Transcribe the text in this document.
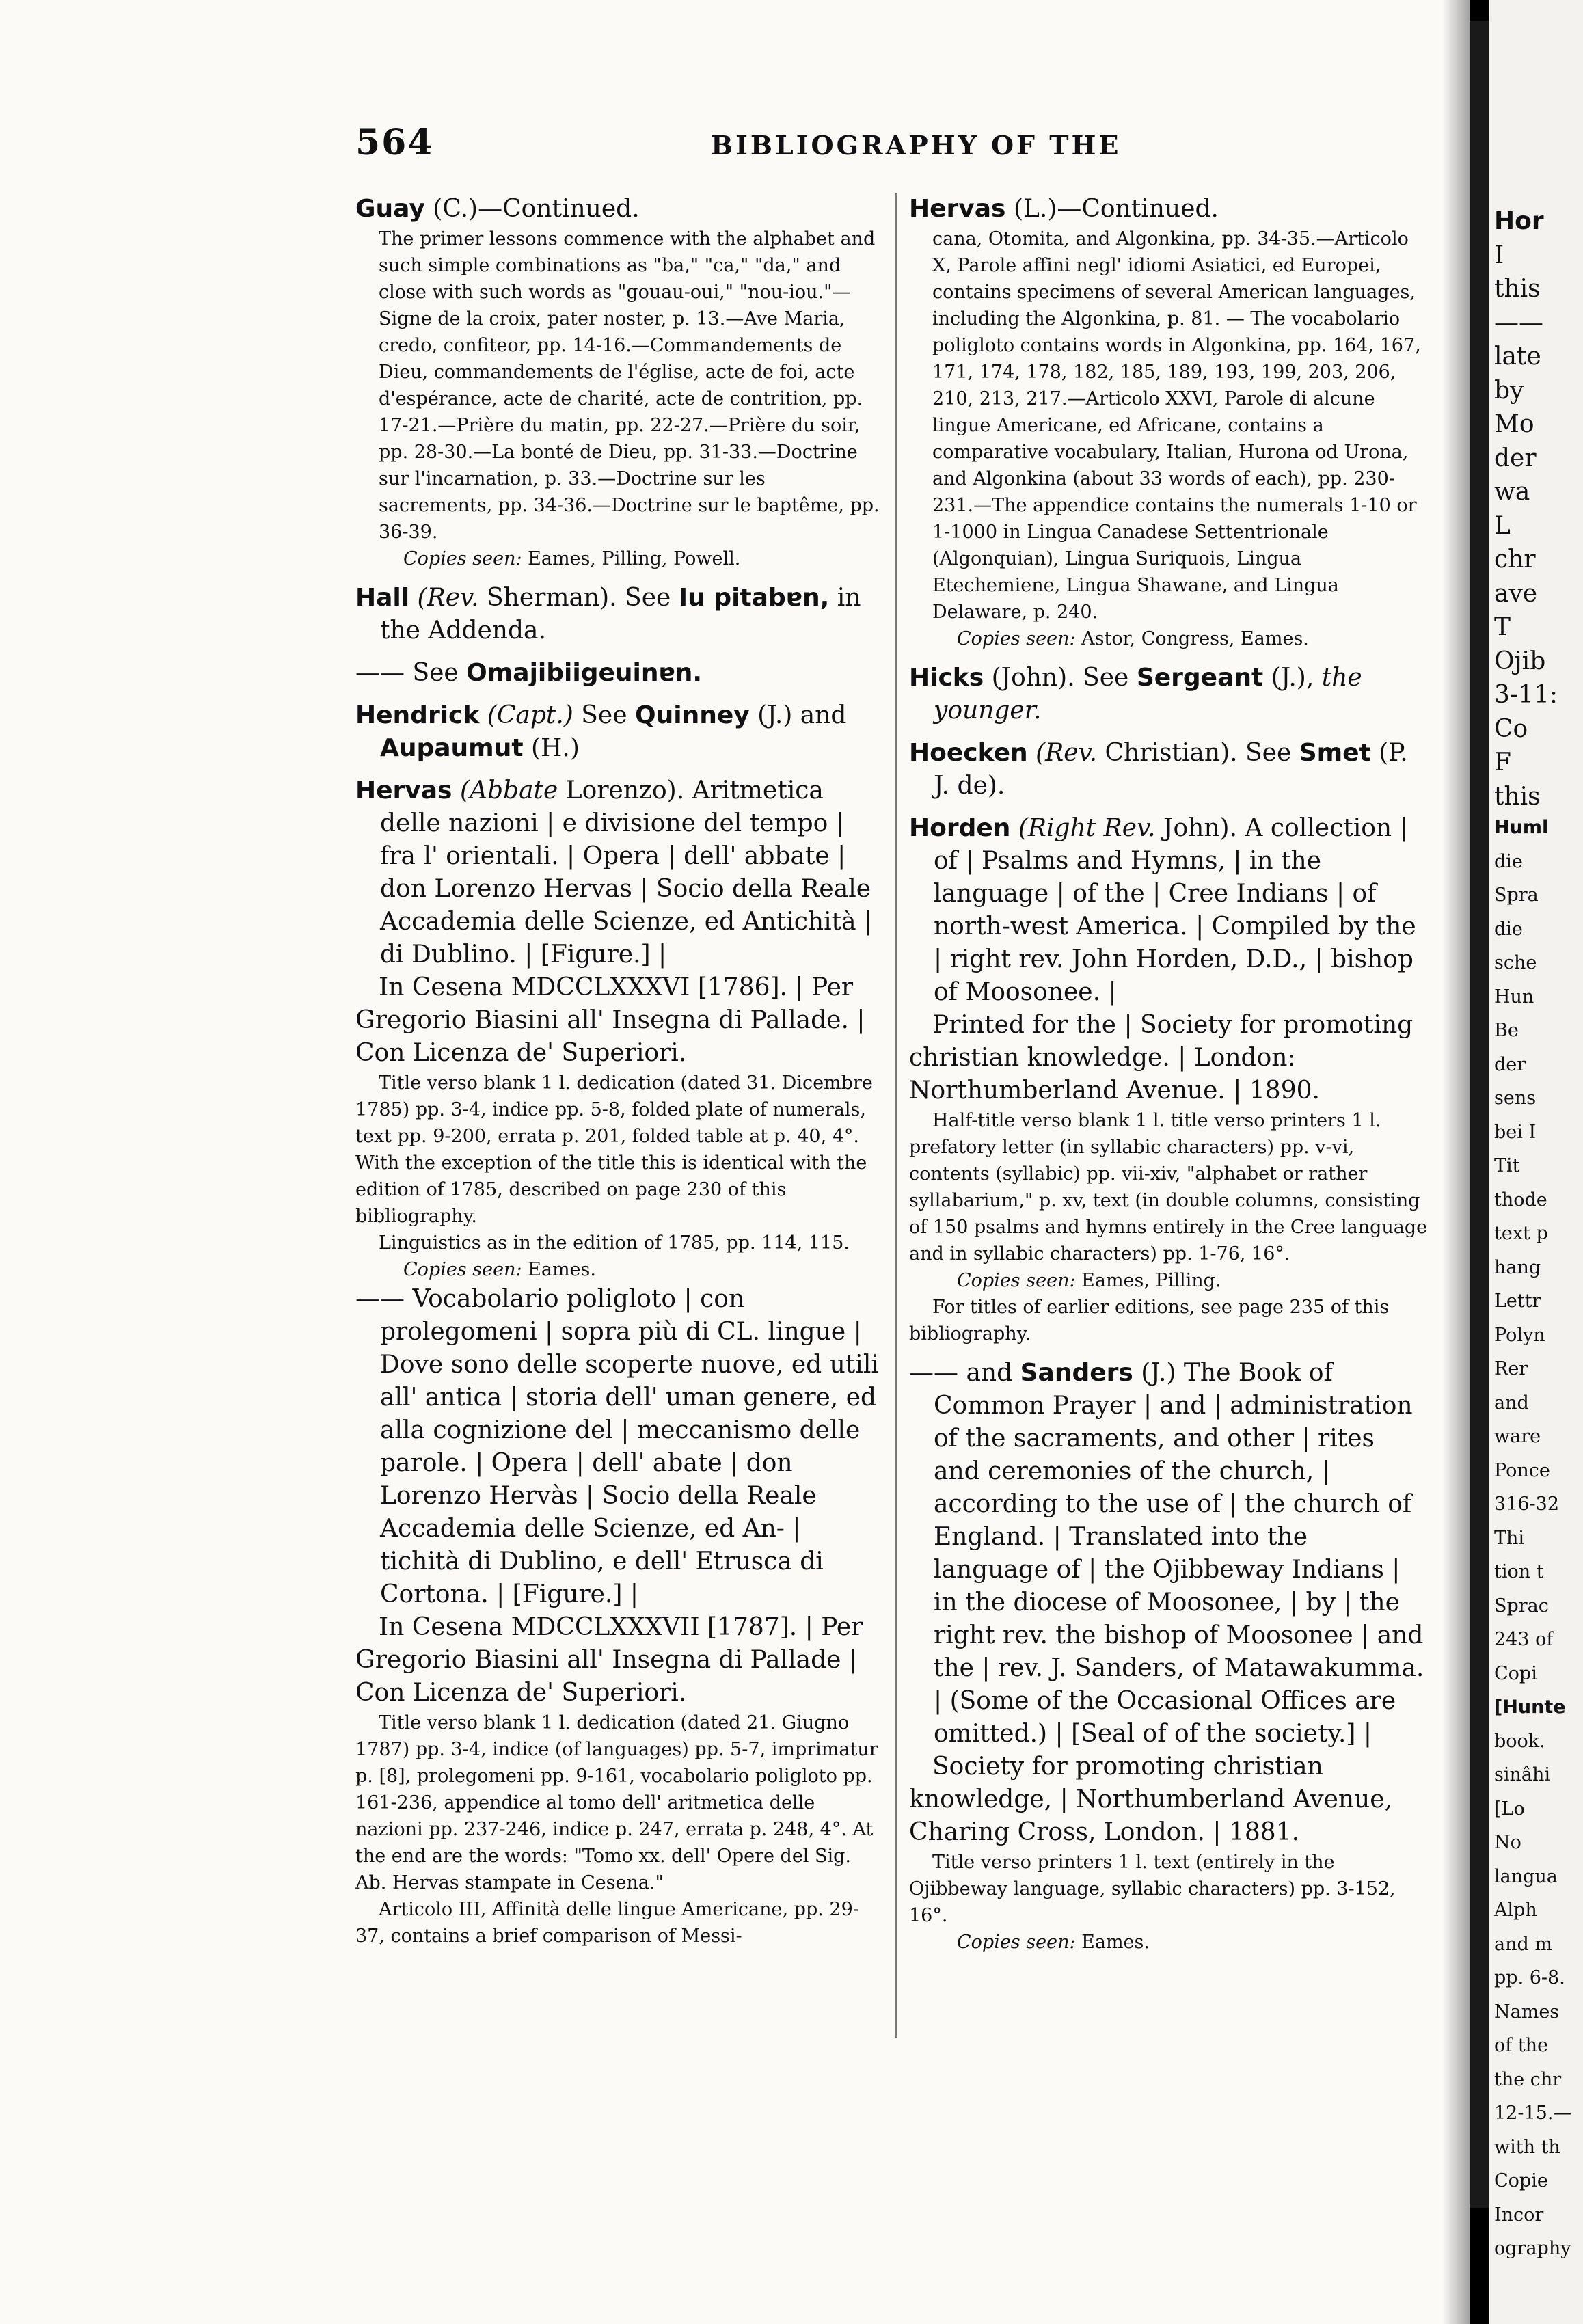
564	BIBLIOGRAPHY OF THE
Guay (C.)—Continued.

The primer lessons commence with the alphabet and such simple combinations as "ba," "ca," "da," and close with such words as "gouau-oui," "nou-iou."—Signe de la croix, pater noster, p. 13.—Ave Maria, credo, confiteor, pp. 14-16.—Commandements de Dieu, commandements de l'église, acte de foi, acte d'espérance, acte de charité, acte de contrition, pp. 17-21.—Prière du matin, pp. 22-27.—Prière du soir, pp. 28-30.—La bonté de Dieu, pp. 31-33.—Doctrine sur l'incarnation, p. 33.—Doctrine sur les sacrements, pp. 34-36.—Doctrine sur le baptême, pp. 36-39.

Copies seen: Eames, Pilling, Powell.

Hall (Rev. Sherman). See Iu pitabɐn, in the Addenda.

—— See Omajibiigeuinɐn.

Hendrick (Capt.) See Quinney (J.) and Aupaumut (H.)

Hervas (Abbate Lorenzo). Aritmetica delle nazioni | e divisione del tempo | fra l' orientali. | Opera | dell' abbate | don Lorenzo Hervas | Socio della Reale Accademia delle Scienze, ed Antichità | di Dublino. | [Figure.] |

In Cesena MDCCLXXXVI [1786]. | Per Gregorio Biasini all' Insegna di Pallade. | Con Licenza de' Superiori.

Title verso blank 1 l. dedication (dated 31. Dicembre 1785) pp. 3-4, indice pp. 5-8, folded plate of numerals, text pp. 9-200, errata p. 201, folded table at p. 40, 4°. With the exception of the title this is identical with the edition of 1785, described on page 230 of this bibliography.

Linguistics as in the edition of 1785, pp. 114, 115.

Copies seen: Eames.

—— Vocabolario poligloto | con prolegomeni | sopra più di CL. lingue | Dove sono delle scoperte nuove, ed utili all' antica | storia dell' uman genere, ed alla cognizione del | meccanismo delle parole. | Opera | dell' abate | don Lorenzo Hervàs | Socio della Reale Accademia delle Scienze, ed An- | tichità di Dublino, e dell' Etrusca di Cortona. | [Figure.] |

In Cesena MDCCLXXXVII [1787]. | Per Gregorio Biasini all' Insegna di Pallade | Con Licenza de' Superiori.

Title verso blank 1 l. dedication (dated 21. Giugno 1787) pp. 3-4, indice (of languages) pp. 5-7, imprimatur p. [8], prolegomeni pp. 9-161, vocabolario poligloto pp. 161-236, appendice al tomo dell' aritmetica delle nazioni pp. 237-246, indice p. 247, errata p. 248, 4°. At the end are the words: "Tomo xx. dell' Opere del Sig. Ab. Hervas stampate in Cesena."

Articolo III, Affinità delle lingue Americane, pp. 29-37, contains a brief comparison of Messi-

Hervas (L.)—Continued.

cana, Otomita, and Algonkina, pp. 34-35.—Articolo X, Parole affini negl' idiomi Asiatici, ed Europei, contains specimens of several American languages, including the Algonkina, p. 81. — The vocabolario poligloto contains words in Algonkina, pp. 164, 167, 171, 174, 178, 182, 185, 189, 193, 199, 203, 206, 210, 213, 217.—Articolo XXVI, Parole di alcune lingue Americane, ed Africane, contains a comparative vocabulary, Italian, Hurona od Urona, and Algonkina (about 33 words of each), pp. 230-231.—The appendice contains the numerals 1-10 or 1-1000 in Lingua Canadese Settentrionale (Algonquian), Lingua Suriquois, Lingua Etechemiene, Lingua Shawane, and Lingua Delaware, p. 240.

Copies seen: Astor, Congress, Eames.

Hicks (John). See Sergeant (J.), the younger.

Hoecken (Rev. Christian). See Smet (P. J. de).

Horden (Right Rev. John). A collection | of | Psalms and Hymns, | in the language | of the | Cree Indians | of north-west America. | Compiled by the | right rev. John Horden, D.D., | bishop of Moosonee. |

Printed for the | Society for promoting christian knowledge. | London: Northumberland Avenue. | 1890.

Half-title verso blank 1 l. title verso printers 1 l. prefatory letter (in syllabic characters) pp. v-vi, contents (syllabic) pp. vii-xiv, "alphabet or rather syllabarium," p. xv, text (in double columns, consisting of 150 psalms and hymns entirely in the Cree language and in syllabic characters) pp. 1-76, 16°.

Copies seen: Eames, Pilling.

For titles of earlier editions, see page 235 of this bibliography.

—— and Sanders (J.) The Book of Common Prayer | and | administration of the sacraments, and other | rites and ceremonies of the church, | according to the use of | the church of England. | Translated into the language of | the Ojibbeway Indians | in the diocese of Moosonee, | by | the right rev. the bishop of Moosonee | and the | rev. J. Sanders, of Matawakumma. | (Some of the Occasional Offices are omitted.) | [Seal of of the society.] |

Society for promoting christian knowledge, | Northumberland Avenue, Charing Cross, London. | 1881.

Title verso printers 1 l. text (entirely in the Ojibbeway language, syllabic characters) pp. 3-152, 16°.

Copies seen: Eames.
Hor
I
this
——
late
by
Mo
der
wa
L
chr
ave
T
Ojib
3-11:
Co
F
this
Huml
die
Spra
die
sche
Hun
Be
der
sens
bei I
Tit
thode
text p
hang
Lettr
Polyn
Rer
and
ware
Ponce
316-32
Thi
tion t
Sprac
243 of
Copi
[Hunte
book.
sinâhi
[Lo
No
langua
Alph
and m
pp. 6-8.
Names
of the
the chr
12-15.—
with th
Copie
Incor
ography
